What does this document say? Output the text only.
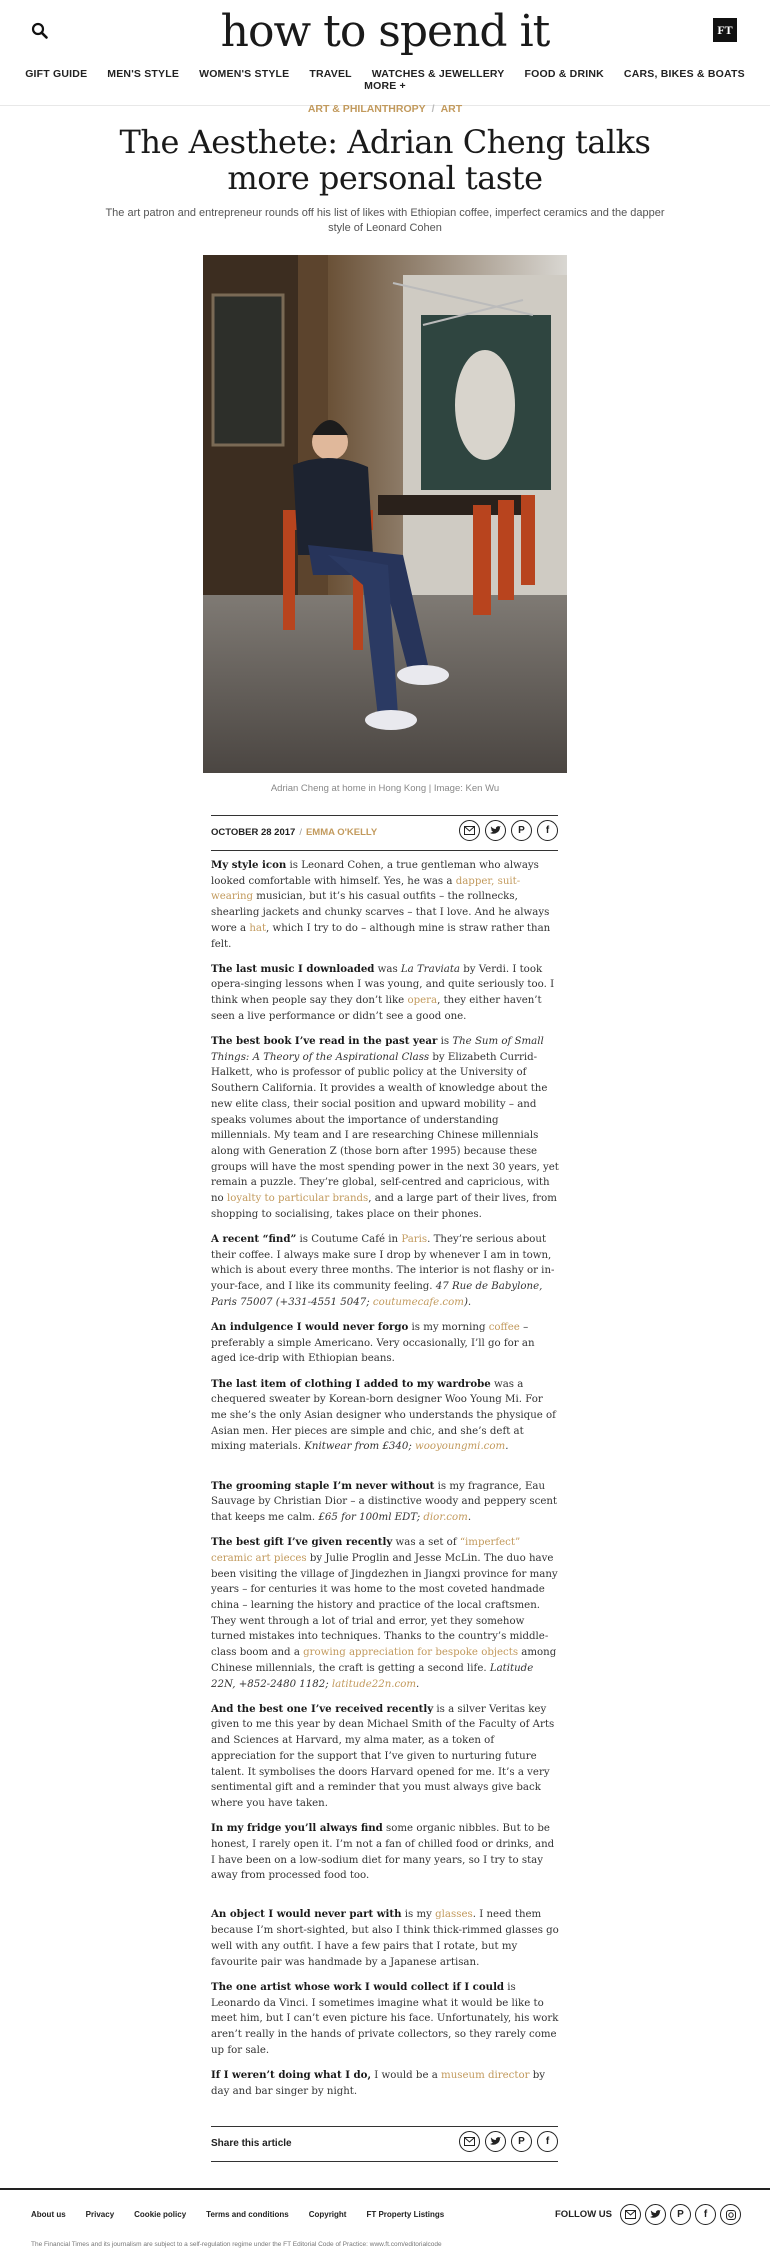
how to spend it	FT
GIFT GUIDE MEN'S STYLE WOMEN'S STYLE TRAVEL WATCHES & JEWELLERY FOOD & DRINK CARS, BIKES & BOATSMORE +
ART & PHILANTHROPY / ART
The Aesthete: Adrian Cheng talks more personal taste
The art patron and entrepreneur rounds off his list of likes with Ethiopian coffee, imperfect ceramics and the dapper style of Leonard Cohen
Adrian Cheng at home in Hong Kong | Image: Ken Wu
OCTOBER 28 2017 / EMMA O'KELLY	P	f

My style icon is Leonard Cohen, a true gentleman who always looked comfortable with himself. Yes, he was a dapper, suit-wearing musician, but it’s his casual outfits – the rollnecks, shearling jackets and chunky scarves – that I love. And he always wore a hat, which I try to do – although mine is straw rather than felt.

The last music I downloaded was La Traviata by Verdi. I took opera-singing lessons when I was young, and quite seriously too. I think when people say they don’t like opera, they either haven’t seen a live performance or didn’t see a good one.

The best book I’ve read in the past year is The Sum of Small Things: A Theory of the Aspirational Class by Elizabeth Currid-Halkett, who is professor of public policy at the University of Southern California. It provides a wealth of knowledge about the new elite class, their social position and upward mobility – and speaks volumes about the importance of understanding millennials. My team and I are researching Chinese millennials along with Generation Z (those born after 1995) because these groups will have the most spending power in the next 30 years, yet remain a puzzle. They’re global, self-centred and capricious, with no loyalty to particular brands, and a large part of their lives, from shopping to socialising, takes place on their phones.

A recent “find” is Coutume Café in Paris. They’re serious about their coffee. I always make sure I drop by whenever I am in town, which is about every three months. The interior is not flashy or in-your-face, and I like its community feeling. 47 Rue de Babylone, Paris 75007 (+331-4551 5047; coutumecafe.com).

An indulgence I would never forgo is my morning coffee – preferably a simple Americano. Very occasionally, I’ll go for an aged ice-drip with Ethiopian beans.

The last item of clothing I added to my wardrobe was a chequered sweater by Korean-born designer Woo Young Mi. For me she’s the only Asian designer who understands the physique of Asian men. Her pieces are simple and chic, and she’s deft at mixing materials. Knitwear from £340; wooyoungmi.com.

The grooming staple I’m never without is my fragrance, Eau Sauvage by Christian Dior – a distinctive woody and peppery scent that keeps me calm. £65 for 100ml EDT; dior.com.

The best gift I’ve given recently was a set of “imperfect” ceramic art pieces by Julie Proglin and Jesse McLin. The duo have been visiting the village of Jingdezhen in Jiangxi province for many years – for centuries it was home to the most coveted handmade china – learning the history and practice of the local craftsmen. They went through a lot of trial and error, yet they somehow turned mistakes into techniques. Thanks to the country’s middle-class boom and a growing appreciation for bespoke objects among Chinese millennials, the craft is getting a second life. Latitude 22N, +852-2480 1182; latitude22n.com.

And the best one I’ve received recently is a silver Veritas key given to me this year by dean Michael Smith of the Faculty of Arts and Sciences at Harvard, my alma mater, as a token of appreciation for the support that I’ve given to nurturing future talent. It symbolises the doors Harvard opened for me. It’s a very sentimental gift and a reminder that you must always give back where you have taken.

In my fridge you’ll always find some organic nibbles. But to be honest, I rarely open it. I’m not a fan of chilled food or drinks, and I have been on a low-sodium diet for many years, so I try to stay away from processed food too.

An object I would never part with is my glasses. I need them because I’m short-sighted, but also I think thick-rimmed glasses go well with any outfit. I have a few pairs that I rotate, but my favourite pair was handmade by a Japanese artisan.

The one artist whose work I would collect if I could is Leonardo da Vinci. I sometimes imagine what it would be like to meet him, but I can’t even picture his face. Unfortunately, his work aren’t really in the hands of private collectors, so they rarely come up for sale.

If I weren’t doing what I do, I would be a museum director by day and bar singer by night.

Share this article	P	f
About us	Privacy	Cookie policy	Terms and conditions	Copyright	FT Property Listings	FOLLOW US	P	f
The Financial Times and its journalism are subject to a self-regulation regime under the FT Editorial Code of Practice: www.ft.com/editorialcode
